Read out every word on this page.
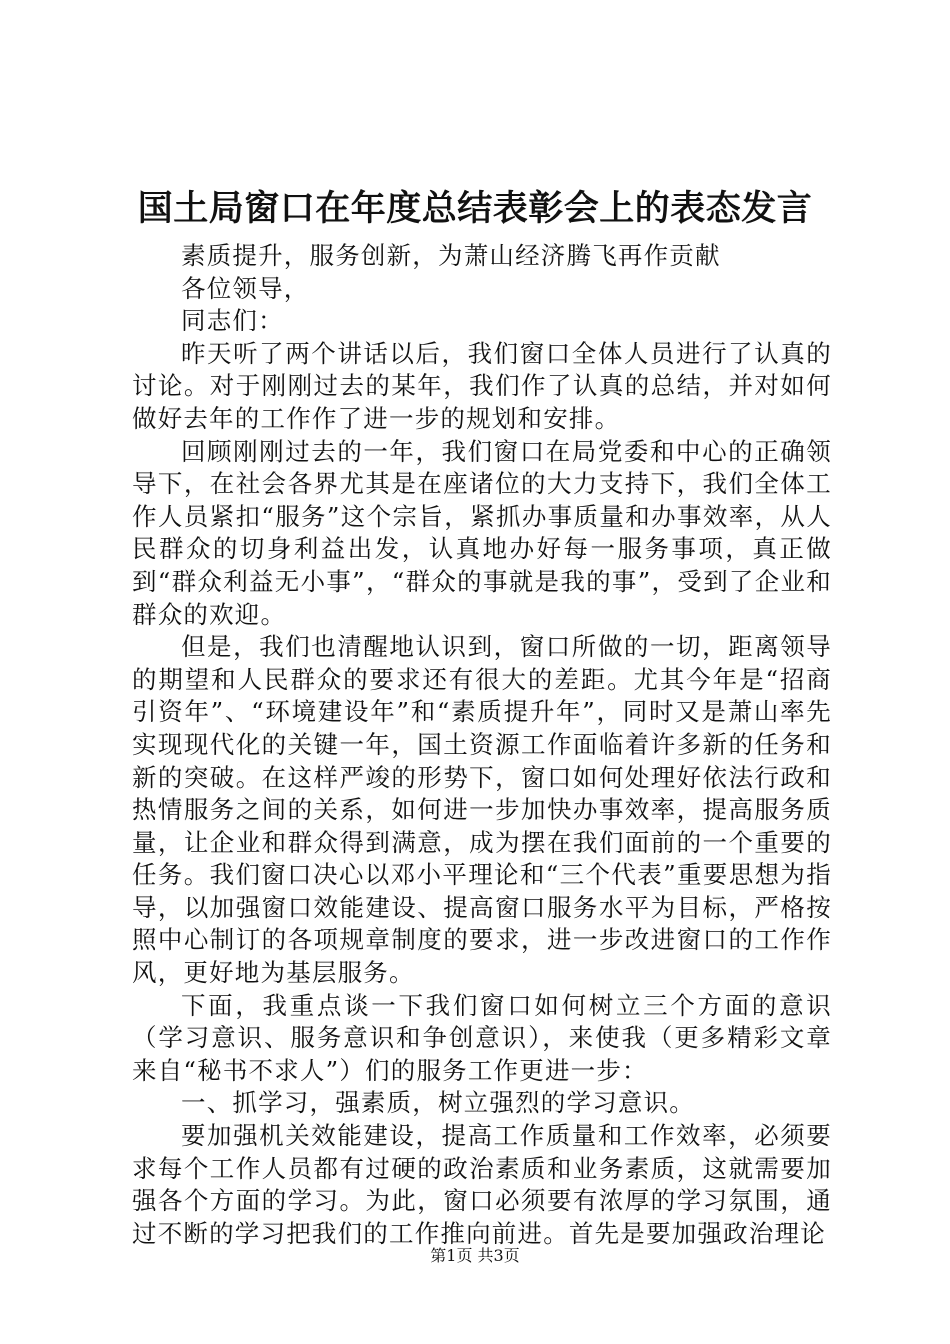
国土局窗口在年度总结表彰会上的表态发言

素质提升，服务创新，为萧山经济腾飞再作贡献

各位领导，

同志们：

昨天听了两个讲话以后，我们窗口全体人员进行了认真的讨论。对于刚刚过去的某年，我们作了认真的总结，并对如何做好去年的工作作了进一步的规划和安排。

回顾刚刚过去的一年，我们窗口在局党委和中心的正确领导下，在社会各界尤其是在座诸位的大力支持下，我们全体工作人员紧扣“服务”这个宗旨，紧抓办事质量和办事效率，从人民群众的切身利益出发，认真地办好每一服务事项，真正做到“群众利益无小事”，“群众的事就是我的事”，受到了企业和群众的欢迎。

但是，我们也清醒地认识到，窗口所做的一切，距离领导的期望和人民群众的要求还有很大的差距。尤其今年是“招商引资年”、“环境建设年”和“素质提升年”，同时又是萧山率先实现现代化的关键一年，国土资源工作面临着许多新的任务和新的突破。在这样严竣的形势下，窗口如何处理好依法行政和热情服务之间的关系，如何进一步加快办事效率，提高服务质量，让企业和群众得到满意，成为摆在我们面前的一个重要的任务。我们窗口决心以邓小平理论和“三个代表”重要思想为指导，以加强窗口效能建设、提高窗口服务水平为目标，严格按照中心制订的各项规章制度的要求，进一步改进窗口的工作作风，更好地为基层服务。

下面，我重点谈一下我们窗口如何树立三个方面的意识（学习意识、服务意识和争创意识），来使我（更多精彩文章来自“秘书不求人”）们的服务工作更进一步：

一、抓学习，强素质，树立强烈的学习意识。

要加强机关效能建设，提高工作质量和工作效率，必须要求每个工作人员都有过硬的政治素质和业务素质，这就需要加强各个方面的学习。为此，窗口必须要有浓厚的学习氛围，通过不断的学习把我们的工作推向前进。首先是要加强政治理论

第1页 共3页
